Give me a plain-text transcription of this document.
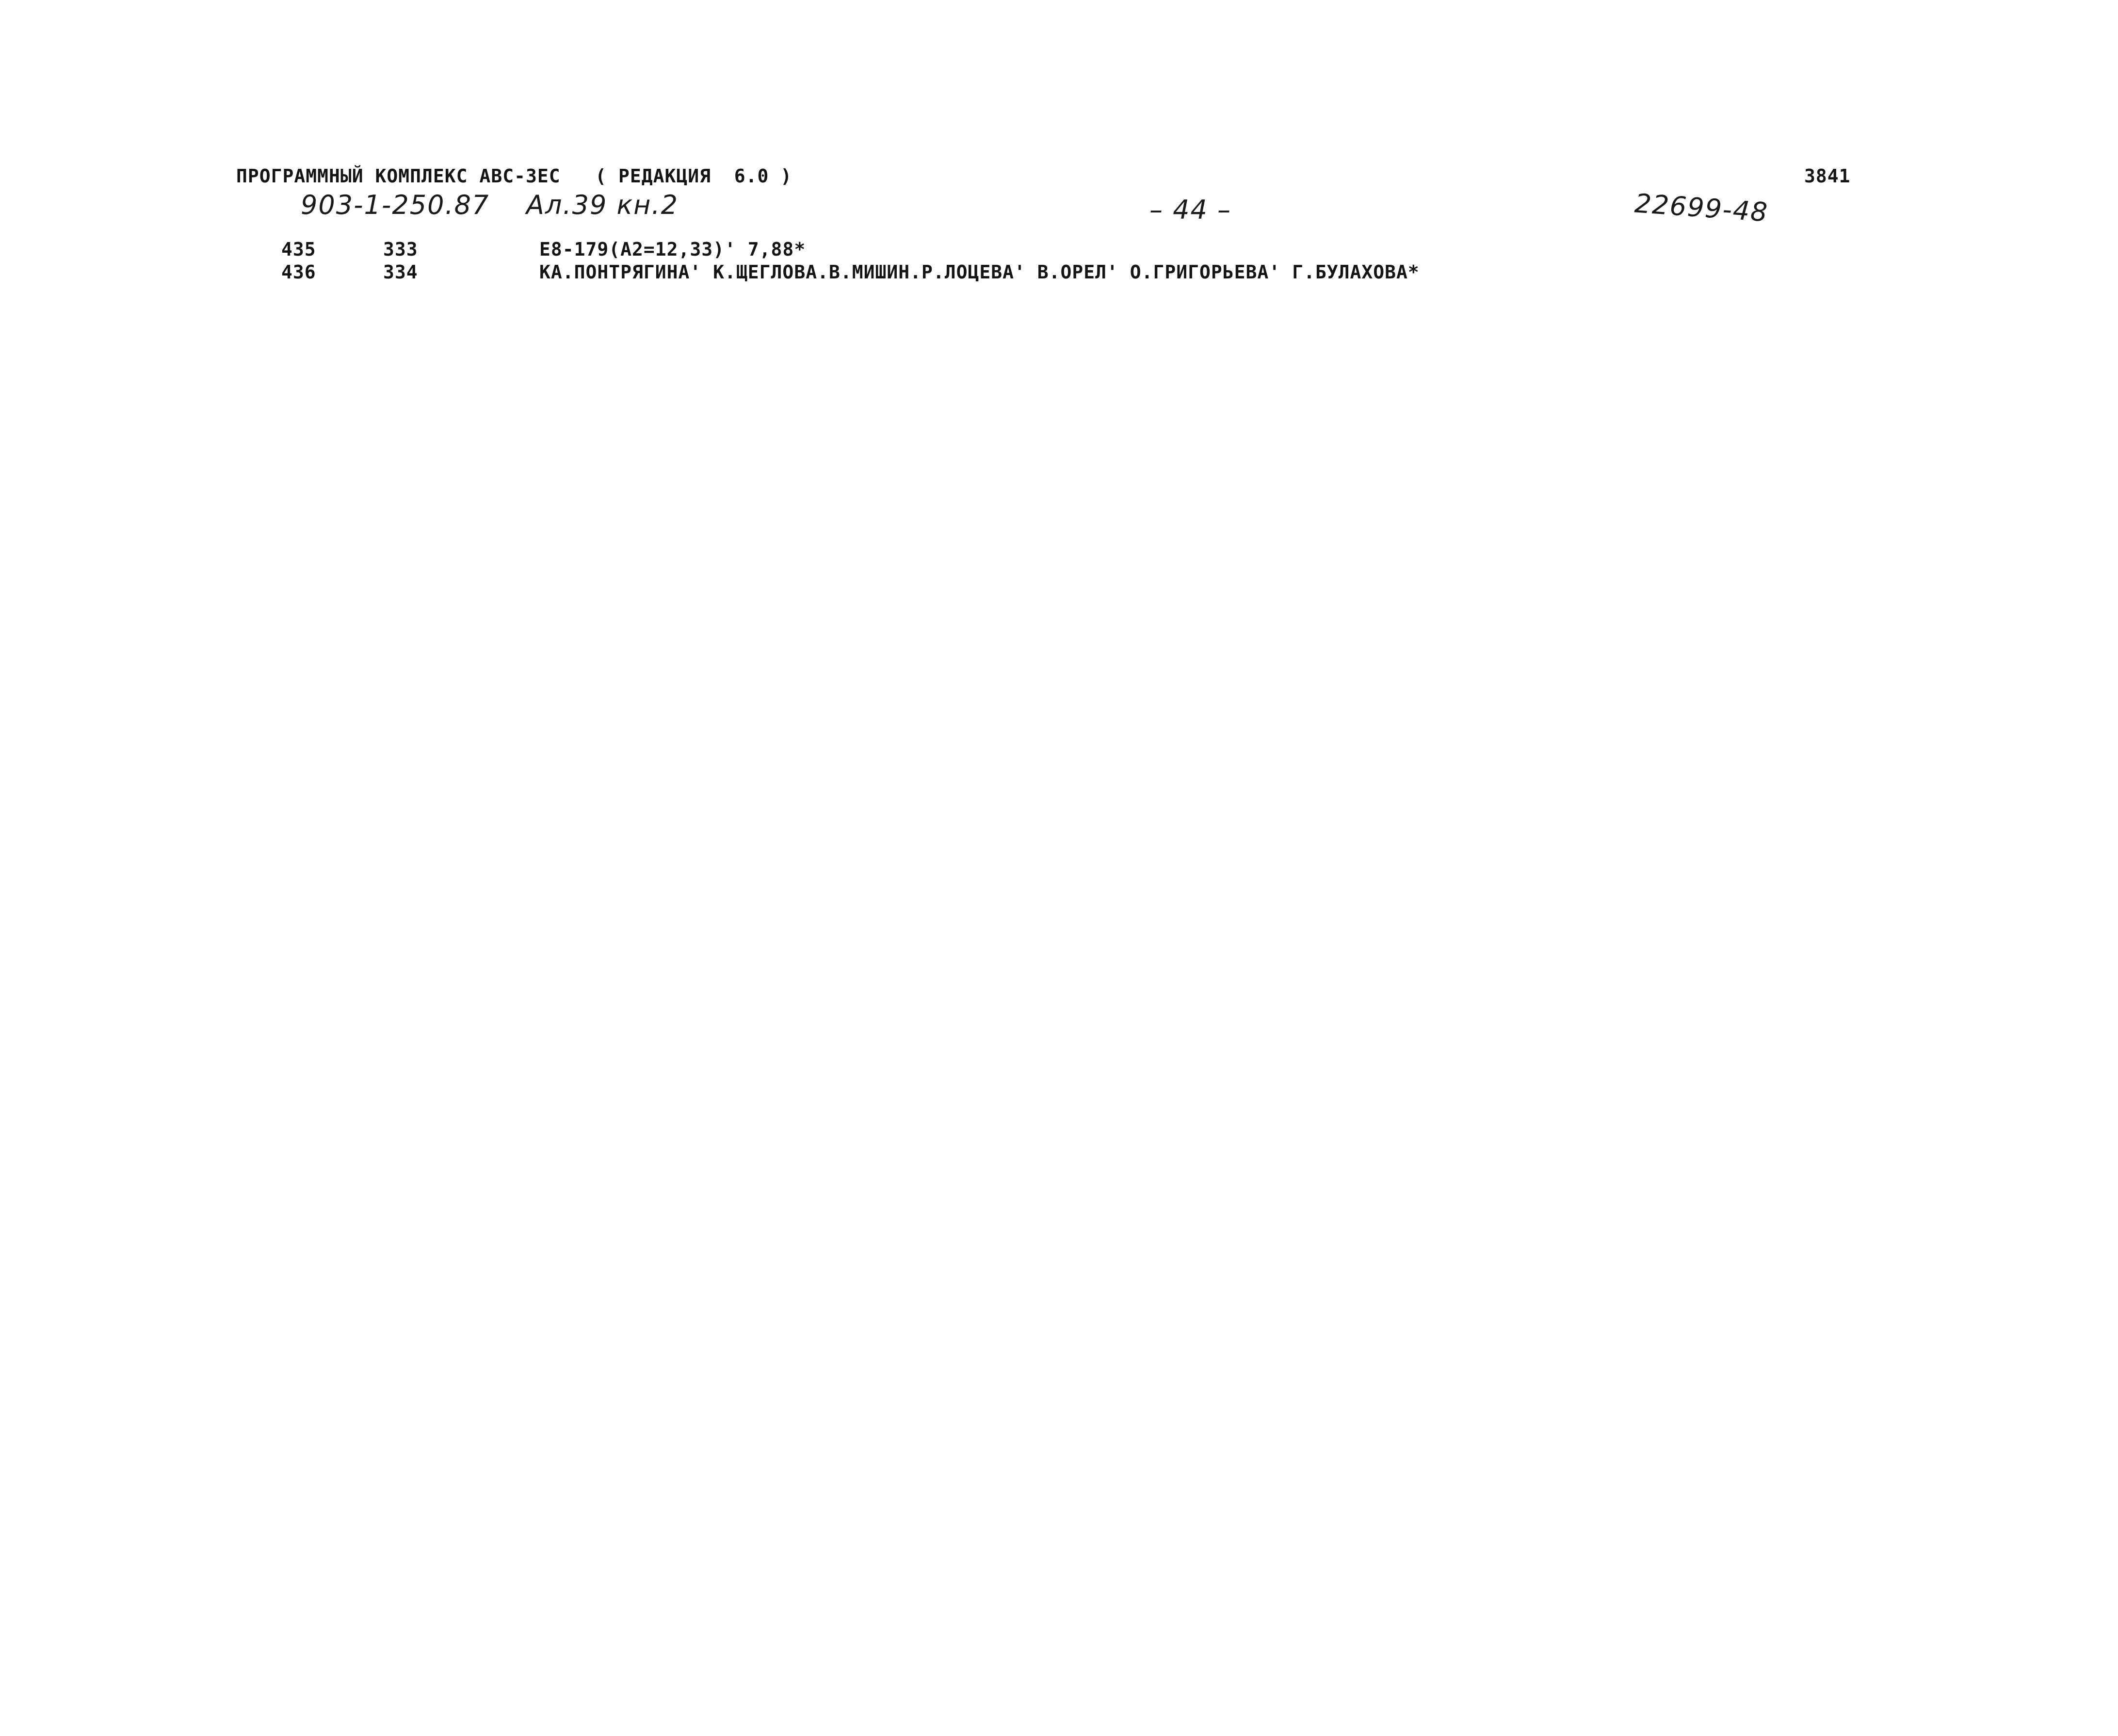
ПРОГРАММНЫЙ КОМПЛЕКС АВС-ЗЕС   ( РЕДАКЦИЯ  6.0 )	3841
903-1-250.87 Ал.39 кн.2	– 44 –	22699-48
435	333	Е8-179(А2=12,33)' 7,88*
436	334	КА.ПОНТРЯГИНА' К.ЩЕГЛОВА.В.МИШИН.Р.ЛОЦЕВА' В.ОРЕЛ' О.ГРИГОРЬЕВА' Г.БУЛАХОВА*
